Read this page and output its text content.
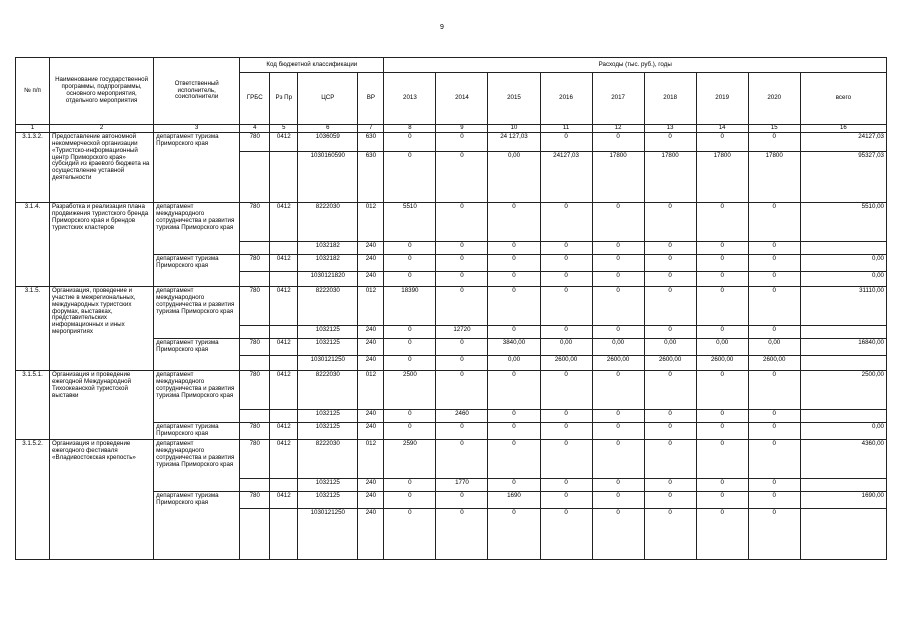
9
№ п/п	Наименование государственной программы, подпрограммы, основного мероприятия, отдельного мероприятия	Ответственный исполнитель, соисполнители	Код бюджетной классификации				Расходы (тыс. руб.), годы								
			ГРБС	Рз Пр	ЦСР	ВР	2013	2014	2015	2016	2017	2018	2019	2020	всего
1	2	3	4	5	6	7	8	9	10	11	12	13	14	15	16
3.1.3.2.	Предоставление автономной некоммерческой организации «Туристско-информационный центр Приморского края» субсидий из краевого бюджета на осуществление уставной деятельности	департамент туризма Приморского края	780	0412	1036059	630	0	0	24 127,03	0	0	0	0	0	24127,03
					1030160590	630	0	0	0,00	24127,03	17800	17800	17800	17800	95327,03
3.1.4.	Разработка и реализация плана продвижения туристского бренда Приморского края и брендов туристских кластеров	департамент международного сотрудничества и развития туризма Приморского края	780	0412	8222030	012	5510	0	0	0	0	0	0	0	5510,00
					1032182	240	0	0	0	0	0	0	0	0	
		департамент туризма Приморского края	780	0412	1032182	240	0	0	0	0	0	0	0	0	0,00
					1030121820	240	0	0	0	0	0	0	0	0	0,00
3.1.5.	Организация, проведение и участие в межрегиональных, международных туристских форумах, выставках, представительских информационных и иных мероприятиях	департамент международного сотрудничества и развития туризма Приморского края	780	0412	8222030	012	18390	0	0	0	0	0	0	0	31110,00
					1032125	240	0	12720	0	0	0	0	0	0	
		департамент туризма Приморского края	780	0412	1032125	240	0	0	3840,00	0,00	0,00	0,00	0,00	0,00	16840,00
					1030121250	240	0	0	0,00	2600,00	2600,00	2600,00	2600,00	2600,00	
3.1.5.1.	Организация и проведение ежегодной Международной Тихоокеанской туристской выставки	департамент международного сотрудничества и развития туризма Приморского края	780	0412	8222030	012	2500	0	0	0	0	0	0	0	2500,00
					1032125	240	0	2460	0	0	0	0	0	0	
		департамент туризма Приморского края	780	0412	1032125	240	0	0	0	0	0	0	0	0	0,00
3.1.5.2.	Организация и проведение ежегодного фестиваля «Владивостокская крепость»	департамент международного сотрудничества и развития туризма Приморского края	780	0412	8222030	012	2590	0	0	0	0	0	0	0	4360,00
					1032125	240	0	1770	0	0	0	0	0	0	
		департамент туризма Приморского края	780	0412	1032125	240	0	0	1690	0	0	0	0	0	1690,00
					1030121250	240	0	0	0	0	0	0	0	0	
